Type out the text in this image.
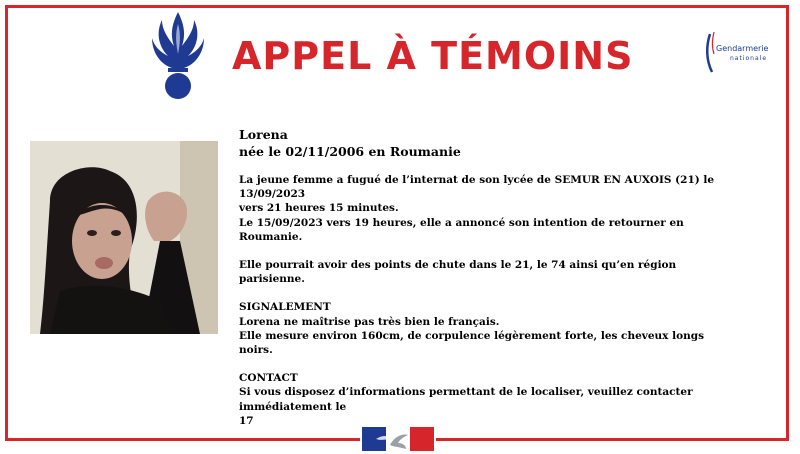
APPEL À TÉMOINS	Gendarmerie
nationale
Lorena
née le 02/11/2006 en Roumanie

La jeune femme a fugué de l’internat de son lycée de SEMUR EN AUXOIS (21) le 13/09/2023

vers 21 heures 15 minutes.

Le 15/09/2023 vers 19 heures, elle a annoncé son intention de retourner en Roumanie.

Elle pourrait avoir des points de chute dans le 21, le 74 ainsi qu’en région parisienne.

SIGNALEMENT

Lorena ne maîtrise pas très bien le français.

Elle mesure environ 160cm, de corpulence légèrement forte, les cheveux longs noirs.

CONTACT

Si vous disposez d’informations permettant de le localiser, veuillez contacter immédiatement le

17
